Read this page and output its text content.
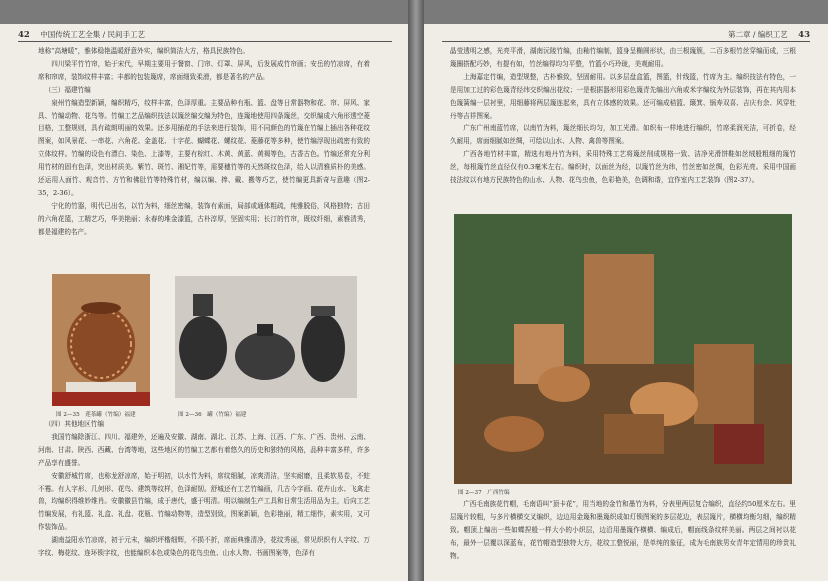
42 中国传统工艺全集 / 民间手工艺

地称“高塘暖”，雅体稳艳温暖舒意外实，编织简洁大方，格具民族特色。

四川梁平竹竹帘，始于宋代，早期主要用于餐窗、门帘、灯罩、屏风，后发展成竹帘画；安岳的竹凉席，有着席和帘席，装饰纹样丰富；丰都的包装篾席，席面细致柔滑，都是著名的产品。

（三）福建竹编

泉州竹编造型新颖，编织精巧，纹样丰富，色泽厚重。主要品种有瓶、篮、盘等日常器物和花、帘、屏风、家具、竹编动物、花鸟等。竹编工艺品编织技法以篾丝编交编为特色，连篾地使用四条篾丝，交织编成六角形透空菱目格，工整规则，具有疏朗明丽的效果。还多用插花的手法来进行装饰，用不同颜色的竹篾在竹编上插出各种花纹图案，如风景花、一串花、六角花、金盖花、十字花、蝴蝶花、螺纹花、菱藤花等多种，使竹编浮现出疏密有致的立体纹样。竹编的设色有漂白、染色、上漆等，主要有棕红、木黄、黄蓝、黄褐等色，古香古色。竹编还常充分利用竹材的固有色泽，突出材质美。紫竹、斑竹、湘妃竹等，需要穗竹等的天然斑纹色泽，给人以清雅质朴的美感。还运用人面竹、观音竹、方竹和佛肚竹等特殊竹材，编以编、捧、戴、搬等巧艺，使竹编更具新奇与意趣（图2-35，2-36）。

宁化的竹器，明代已出名，以竹为料，细丝密编，装饰有素面，局部或通体粗疏，纯雅脱俗，风格独特；古田的六角花篮，工精艺巧，华美艳丽；永春的堆金漆篮，古朴淳厚，坚固实用；长汀的竹帘，既纹纤细，素雅清秀，都是福建的名产。

图 2—35　莲茶罐（竹编）福建	图 2—36　罐（竹编）福建

（四）其他地区竹编

我国竹编除浙江、四川、福建外，还遍及安徽、湖南、湖北、江苏、上海、江西、广东、广西、贵州、云南、河南、甘肃、陕西、西藏、台湾等地，这些地区的竹编工艺都有着悠久的历史和独特的风格，品种丰富多样，许多产品享有盛誉。

安徽舒城竹席，也称龙舒凉席，始于明初，以水竹为料，席纹细腻，凉爽清洁，坚实耐磨，且柔软易卷，不蛀不霉。有人字形、几何形、花鸟、建筑等纹样，色泽耐韧。舒城还有工艺竹编画，几古今字画、花卉山水、飞禽走兽，均编织得维妙维肖。安徽徽县竹编，成于唐代，盛于明清。明以编制生产工具和日常生活用品为主，后向工艺竹编发展，有礼篮、礼盒、礼盘、花瓶、竹编动物等，造型别致，图案新颖，色彩艳丽，精工细作，素实用，又可作装饰品。

湖南益阳水竹凉席，初于元末，编织坪楷细辉，不损不折，席面典雅清净，花纹秀丽，常见织织有人字纹、万字纹、梅花纹、连环锁字纹，也能编织本色或染色的花鸟虫鱼、山水人物、书画图案等，色泽有

第二章 / 编织工艺 43

晶莹透明之感，光亮平滑，湖南沅陵竹编，由釉竹编制，篮身呈椭圆形状，由三根篾簇，二百多根竹丝穿编而成，三根篾圈搭配巧妙，有提有如，竹丝编得均匀平整，竹篮小巧玲珑，美观耐用。

上海嘉定竹编，造型规整，古朴雅致，坚固耐用。以多层盘盒篮，图篮，针线篮，竹席为主。编织技法有特色，一是用加工过的彩色篾青经纬交织编出花纹；一是根据器形用彩色篾青先编出六角或米字编纹为外层装饰，再在其内用本色篾簧编一层衬里，用细藤将两层篾连起来，具有立体感的效果。还可编成秸篮、簸箕、锅寿双喜、吉庆有余、风穿牡丹等吉祥图案。

广东广州南蓝竹席，以南竹为料，篾丝细长均匀，加工光滑。如织布一样地进行编织，竹席柔润光洁，可折卷，经久耐用，席面细腻如丝绸，可绘以山水、人物、禽兽等图案。

广西各地竹材丰富，精选有地丹竹为料，采用特殊工艺将篾丝削成规格一致、洁净光滑饼鞋如丝绒般粗细的篾竹丝，每根篾竹丝直径仅有0.3毫米左右。编织时，以面丝为经，以篾竹丝为纬，竹丝密如丝绸，色彩光亮。采用中国画技法纹以有地方民族特色的山水、人物、花鸟虫鱼，色彩艳美，色调和谐，宜作室内工艺装饰（图2-37）。

图 2—37　广西竹编

广西毛南族花竹帽，毛南语叫“顶卡花”，用当地的金竹和墨竹为料，分表里两层复合编织，直径约50厘米左右。里层篾片较粗，与多片横横交叉编织，边边用金篾和墨篾织成如灯锁图案的多层花边，表层篾片，横横均衡匀细，编织精致。帽顶上编出一些如蝶捏般一样大小的小织层，边沿用墨篾作横横、编成后，帽面线条纹样美丽。两层之间衬以花布，最外一层覆以深蓝布，花竹帽造型独特大方，花纹工整悦丽，是单纯的象征，成为毛南族男女青年定情用的珍贵礼物。
